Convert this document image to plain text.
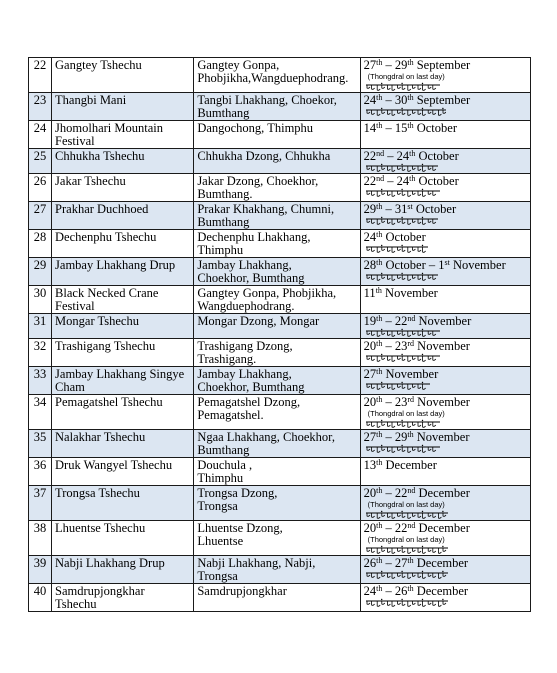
22	Gangtey Tshechu	Gangtey Gonpa,
Phobjikha,Wangduephodrang.	27th – 29th September
(Thongdral on last day)

23	Thangbi Mani	Tangbi Lhakhang, Choekor,
Bumthang	24th – 30th September

24	Jhomolhari Mountain
Festival	Dangochong, Thimphu	14th – 15th October

25	Chhukha Tshechu	Chhukha Dzong, Chhukha	22nd – 24th October

26	Jakar Tshechu	Jakar Dzong, Choekhor,
Bumthang.	22nd – 24th October

27	Prakhar Duchhoed	Prakar Khakhang, Chumni,
Bumthang	29th – 31st October

28	Dechenphu Tshechu	Dechenphu Lhakhang,
Thimphu	24th October

29	Jambay Lhakhang Drup	Jambay Lhakhang,
Choekhor, Bumthang	28th October – 1st November

30	Black Necked Crane
Festival	Gangtey Gonpa, Phobjikha,
Wangduephodrang.	11th November

31	Mongar Tshechu	Mongar Dzong, Mongar	19th – 22nd November

32	Trashigang Tshechu	Trashigang Dzong,
Trashigang.	20th – 23rd November

33	Jambay Lhakhang Singye
Cham	Jambay Lhakhang,
Choekhor, Bumthang	27th November

34	Pemagatshel Tshechu	Pemagatshel Dzong,
Pemagatshel.	20th – 23rd November
(Thongdral on last day)

35	Nalakhar Tshechu	Ngaa Lhakhang, Choekhor,
Bumthang	27th – 29th November

36	Druk Wangyel Tshechu	Douchula ,
Thimphu	13th December

37	Trongsa Tshechu	Trongsa Dzong,
Trongsa	20th – 22nd December
(Thongdral on last day)

38	Lhuentse Tshechu	Lhuentse Dzong,
Lhuentse	20th – 22nd December
(Thongdral on last day)

39	Nabji Lhakhang Drup	Nabji Lhakhang, Nabji,
Trongsa	26th – 27th December

40	Samdrupjongkhar
Tshechu	Samdrupjongkhar	24th – 26th December
